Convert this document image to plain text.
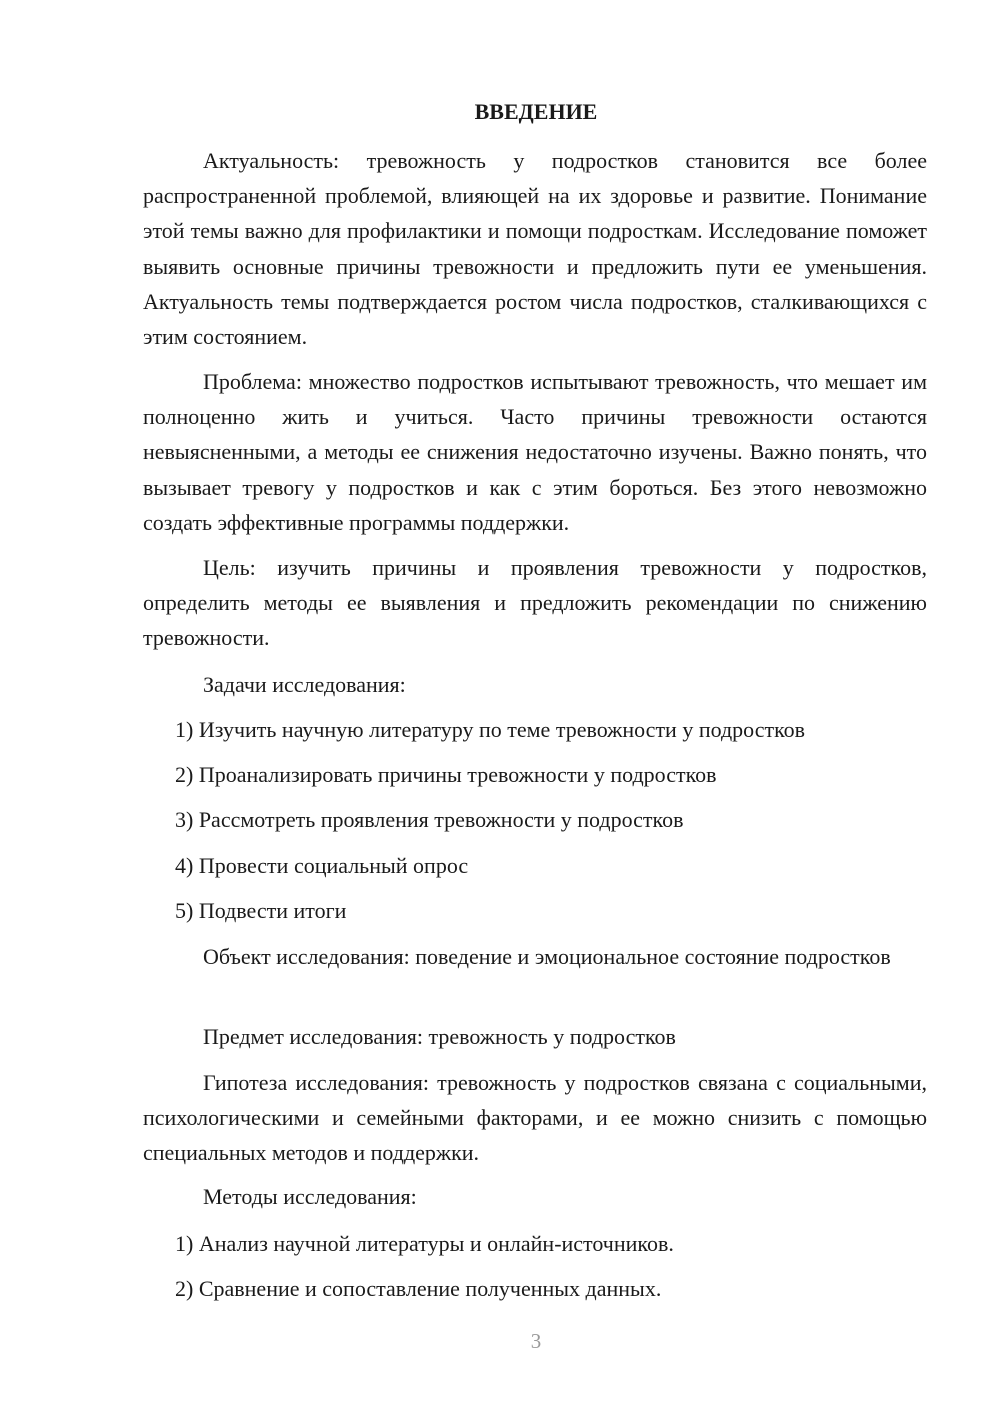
ВВЕДЕНИЕ

Актуальность: тревожность у подростков становится все более распространенной проблемой, влияющей на их здоровье и развитие. Понимание этой темы важно для профилактики и помощи подросткам. Исследование поможет выявить основные причины тревожности и предложить пути ее уменьшения. Актуальность темы подтверждается ростом числа подростков, сталкивающихся с этим состоянием.

Проблема: множество подростков испытывают тревожность, что мешает им полноценно жить и учиться. Часто причины тревожности остаются невыясненными, а методы ее снижения недостаточно изучены. Важно понять, что вызывает тревогу у подростков и как с этим бороться. Без этого невозможно создать эффективные программы поддержки.

Цель: изучить причины и проявления тревожности у подростков, определить методы ее выявления и предложить рекомендации по снижению тревожности.

Задачи исследования:

1) Изучить научную литературу по теме тревожности у подростков

2) Проанализировать причины тревожности у подростков

3) Рассмотреть проявления тревожности у подростков

4) Провести социальный опрос

5) Подвести итоги

Объект исследования: поведение и эмоциональное состояние подростков

Предмет исследования: тревожность у подростков

Гипотеза исследования: тревожность у подростков связана с социальными, психологическими и семейными факторами, и ее можно снизить с помощью специальных методов и поддержки.

Методы исследования:

1) Анализ научной литературы и онлайн-источников.

2) Сравнение и сопоставление полученных данных.

3
